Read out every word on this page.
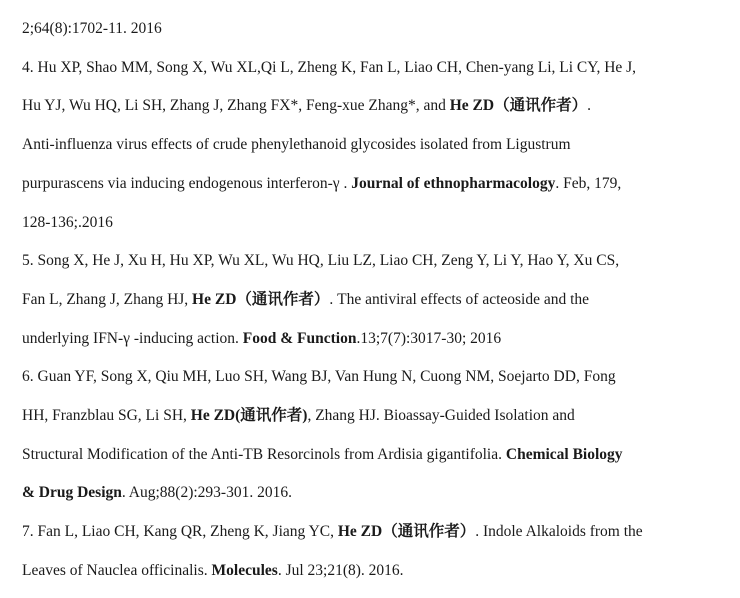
2;64(8):1702-11. 2016

4. Hu XP, Shao MM, Song X, Wu XL,Qi L, Zheng K, Fan L, Liao CH, Chen-yang Li, Li CY, He J,

Hu YJ, Wu HQ, Li SH, Zhang J, Zhang FX*, Feng-xue Zhang*, and He ZD（通讯作者）.

Anti-influenza virus effects of crude phenylethanoid glycosides isolated from Ligustrum

purpurascens via inducing endogenous interferon-γ . Journal of ethnopharmacology. Feb, 179,

128-136;.2016

5. Song X, He J, Xu H, Hu XP, Wu XL, Wu HQ, Liu LZ, Liao CH, Zeng Y, Li Y, Hao Y, Xu CS,

Fan L, Zhang J, Zhang HJ, He ZD（通讯作者）. The antiviral effects of acteoside and the

underlying IFN-γ -inducing action. Food & Function.13;7(7):3017-30; 2016

6. Guan YF, Song X, Qiu MH, Luo SH, Wang BJ, Van Hung N, Cuong NM, Soejarto DD, Fong

HH, Franzblau SG, Li SH, He ZD(通讯作者), Zhang HJ. Bioassay-Guided Isolation and

Structural Modification of the Anti-TB Resorcinols from Ardisia gigantifolia. Chemical Biology

& Drug Design. Aug;88(2):293-301. 2016.

7. Fan L, Liao CH, Kang QR, Zheng K, Jiang YC, He ZD（通讯作者）. Indole Alkaloids from the

Leaves of Nauclea officinalis. Molecules. Jul 23;21(8). 2016.
